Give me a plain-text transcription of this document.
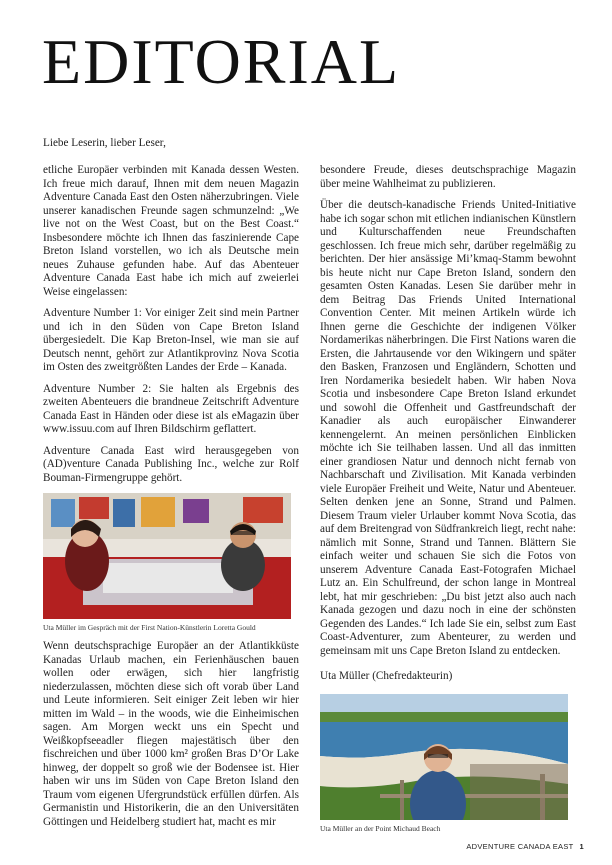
EDITORIAL

Liebe Leserin, lieber Leser,

etliche Europäer verbinden mit Kanada dessen Westen. Ich freue mich darauf, Ihnen mit dem neuen Magazin Adventure Canada East den Osten näherzubringen. Viele unserer kanadischen Freunde sagen schmunzelnd: „We live not on the West Coast, but on the Best Coast.“ Insbesondere möchte ich Ihnen das faszinierende Cape Breton Island vorstellen, wo ich als Deutsche mein neues Zuhause gefunden habe. Auf das Abenteuer Adventure Canada East habe ich mich auf zweierlei Weise eingelassen:

Adventure Number 1: Vor einiger Zeit sind mein Partner und ich in den Süden von Cape Breton Island übergesiedelt. Die Kap Breton-Insel, wie man sie auf Deutsch nennt, gehört zur Atlantikprovinz Nova Scotia im Osten des zweitgrößten Landes der Erde – Kanada.

Adventure Number 2: Sie halten als Ergebnis des zweiten Abenteuers die brandneue Zeitschrift Adventure Canada East in Händen oder diese ist als eMagazin über www.issuu.com auf Ihren Bildschirm geflattert.

Adventure Canada East wird herausgegeben von (AD)venture Canada Publishing Inc., welche zur Rolf Bouman-Firmengruppe gehört.

Uta Müller im Gespräch mit der First Nation-Künstlerin Loretta Gould

Wenn deutschsprachige Europäer an der Atlantikküste Kanadas Urlaub machen, ein Ferienhäuschen bauen wollen oder erwägen, sich hier langfristig niederzulassen, möchten diese sich oft vorab über Land und Leute informieren. Seit einiger Zeit leben wir hier mitten im Wald – in the woods, wie die Einheimischen sagen. Am Morgen weckt uns ein Specht und Weißkopfseeadler fliegen majestätisch über den fischreichen und über 1000 km² großen Bras D’Or Lake hinweg, der doppelt so groß wie der Bodensee ist. Hier haben wir uns im Süden von Cape Breton Island den Traum vom eigenen Ufergrundstück erfüllen dürfen. Als Germanistin und Historikerin, die an den Universitäten Göttingen und Heidelberg studiert hat, macht es mir

besondere Freude, dieses deutschsprachige Magazin über meine Wahlheimat zu publizieren.

Über die deutsch-kanadische Friends United-Initiative habe ich sogar schon mit etlichen indianischen Künstlern und Kulturschaffenden neue Freundschaften geschlossen. Ich freue mich sehr, darüber regelmäßig zu berichten. Der hier ansässige Mi’kmaq-Stamm bewohnt bis heute nicht nur Cape Breton Island, sondern den gesamten Osten Kanadas. Lesen Sie darüber mehr in dem Beitrag Das Friends United International Convention Center. Mit meinen Artikeln würde ich Ihnen gerne die Geschichte der indigenen Völker Nordamerikas näherbringen. Die First Nations waren die Ersten, die Jahrtausende vor den Wikingern und später den Basken, Franzosen und Engländern, Schotten und Iren Nordamerika besiedelt haben. Wir haben Nova Scotia und insbesondere Cape Breton Island erkundet und sowohl die Offenheit und Gastfreundschaft der Kanadier als auch europäischer Einwanderer kennengelernt. An meinen persönlichen Einblicken möchte ich Sie teilhaben lassen. Und all das inmitten einer grandiosen Natur und dennoch nicht fernab von Nachbarschaft und Zivilisation. Mit Kanada verbinden viele Europäer Freiheit und Weite, Natur und Abenteuer. Selten denken jene an Sonne, Strand und Palmen. Diesem Traum vieler Urlauber kommt Nova Scotia, das auf dem Breitengrad von Südfrankreich liegt, recht nahe: nämlich mit Sonne, Strand und Tannen. Blättern Sie einfach weiter und schauen Sie sich die Fotos von unserem Adventure Canada East-Fotografen Michael Lutz an. Ein Schulfreund, der schon lange in Montreal lebt, hat mir geschrieben: „Du bist jetzt also auch nach Kanada gezogen und dazu noch in eine der schönsten Gegenden des Landes.“ Ich lade Sie ein, selbst zum East Coast-Adventurer, zum Abenteurer, zu werden und gemeinsam mit uns Cape Breton Island zu entdecken.

Uta Müller (Chefredakteurin)

Uta Müller an der Point Michaud Beach

ADVENTURE CANADA EAST 1
